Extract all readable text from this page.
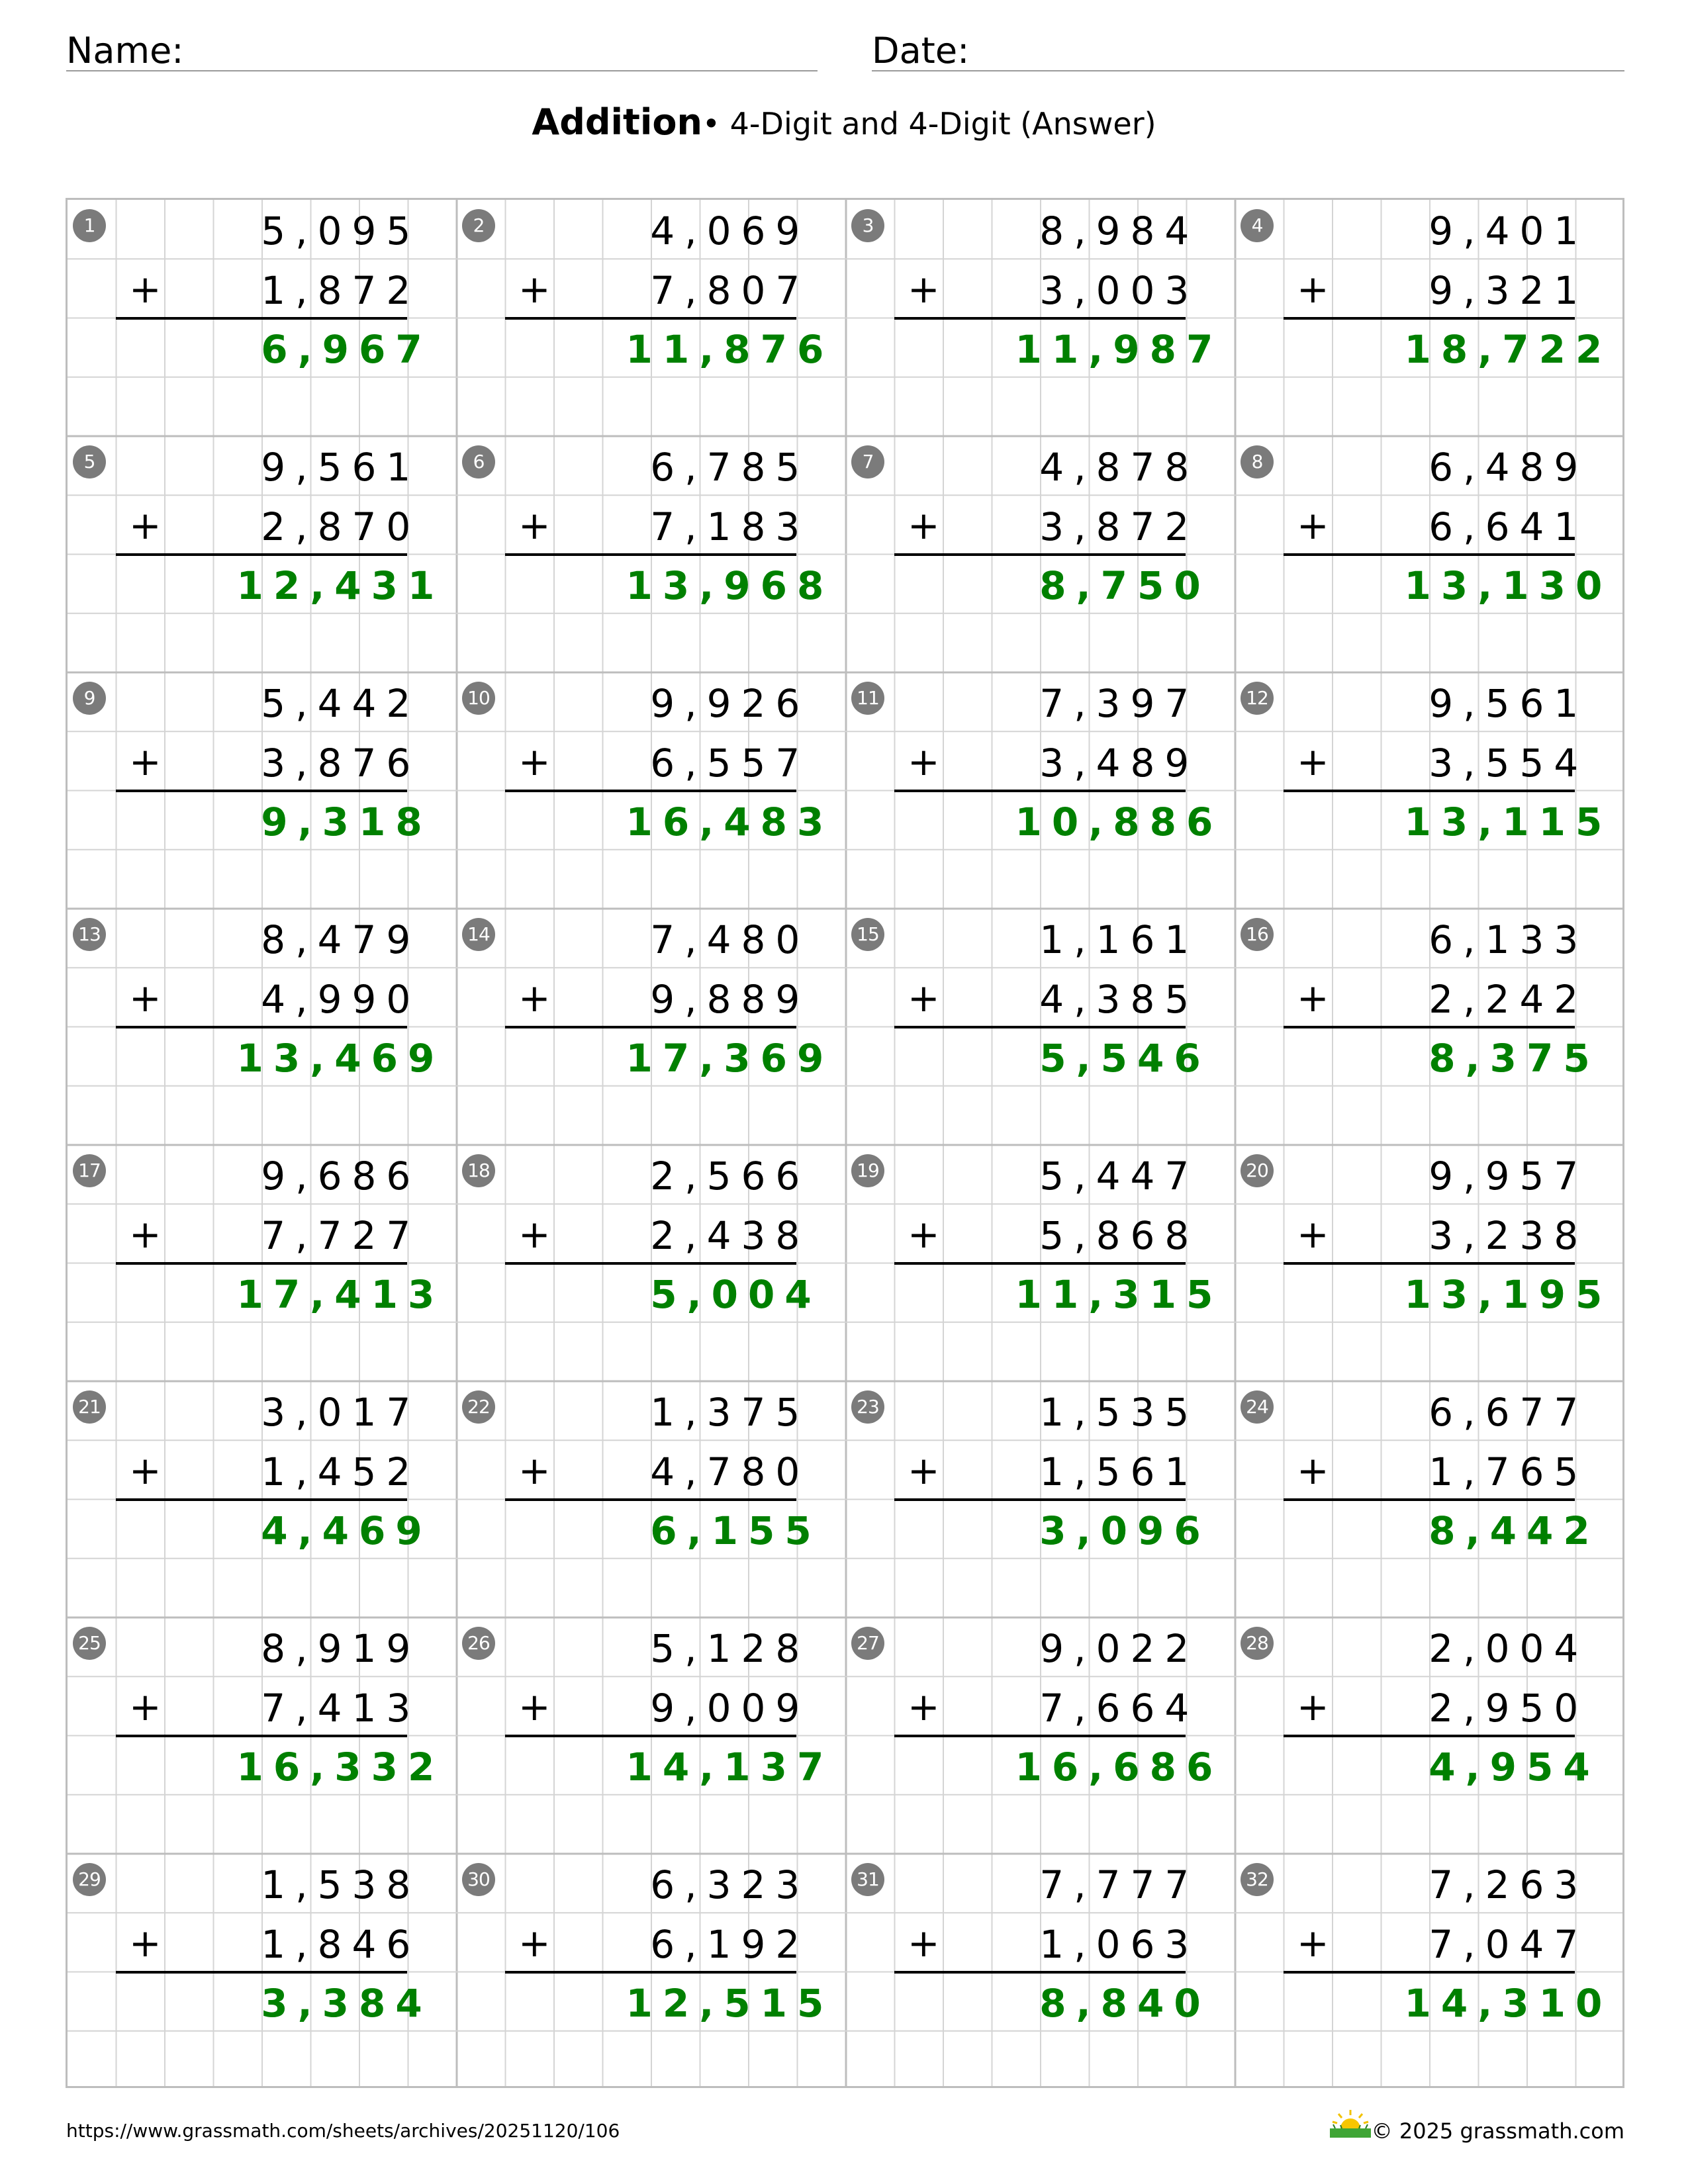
Name:	Date:
Addition• 4-Digit and 4-Digit (Answer)
1	5,095
+	1,872
6,967
2	4,069
+	7,807
11,876
3	8,984
+	3,003
11,987
4	9,401
+	9,321
18,722
5	9,561
+	2,870
12,431
6	6,785
+	7,183
13,968
7	4,878
+	3,872
8,750
8	6,489
+	6,641
13,130
9	5,442
+	3,876
9,318
10	9,926
+	6,557
16,483
11	7,397
+	3,489
10,886
12	9,561
+	3,554
13,115
13	8,479
+	4,990
13,469
14	7,480
+	9,889
17,369
15	1,161
+	4,385
5,546
16	6,133
+	2,242
8,375
17	9,686
+	7,727
17,413
18	2,566
+	2,438
5,004
19	5,447
+	5,868
11,315
20	9,957
+	3,238
13,195
21	3,017
+	1,452
4,469
22	1,375
+	4,780
6,155
23	1,535
+	1,561
3,096
24	6,677
+	1,765
8,442
25	8,919
+	7,413
16,332
26	5,128
+	9,009
14,137
27	9,022
+	7,664
16,686
28	2,004
+	2,950
4,954
29	1,538
+	1,846
3,384
30	6,323
+	6,192
12,515
31	7,777
+	1,063
8,840
32	7,263
+	7,047
14,310
https://www.grassmath.com/sheets/archives/20251120/106	© 2025 grassmath.com
